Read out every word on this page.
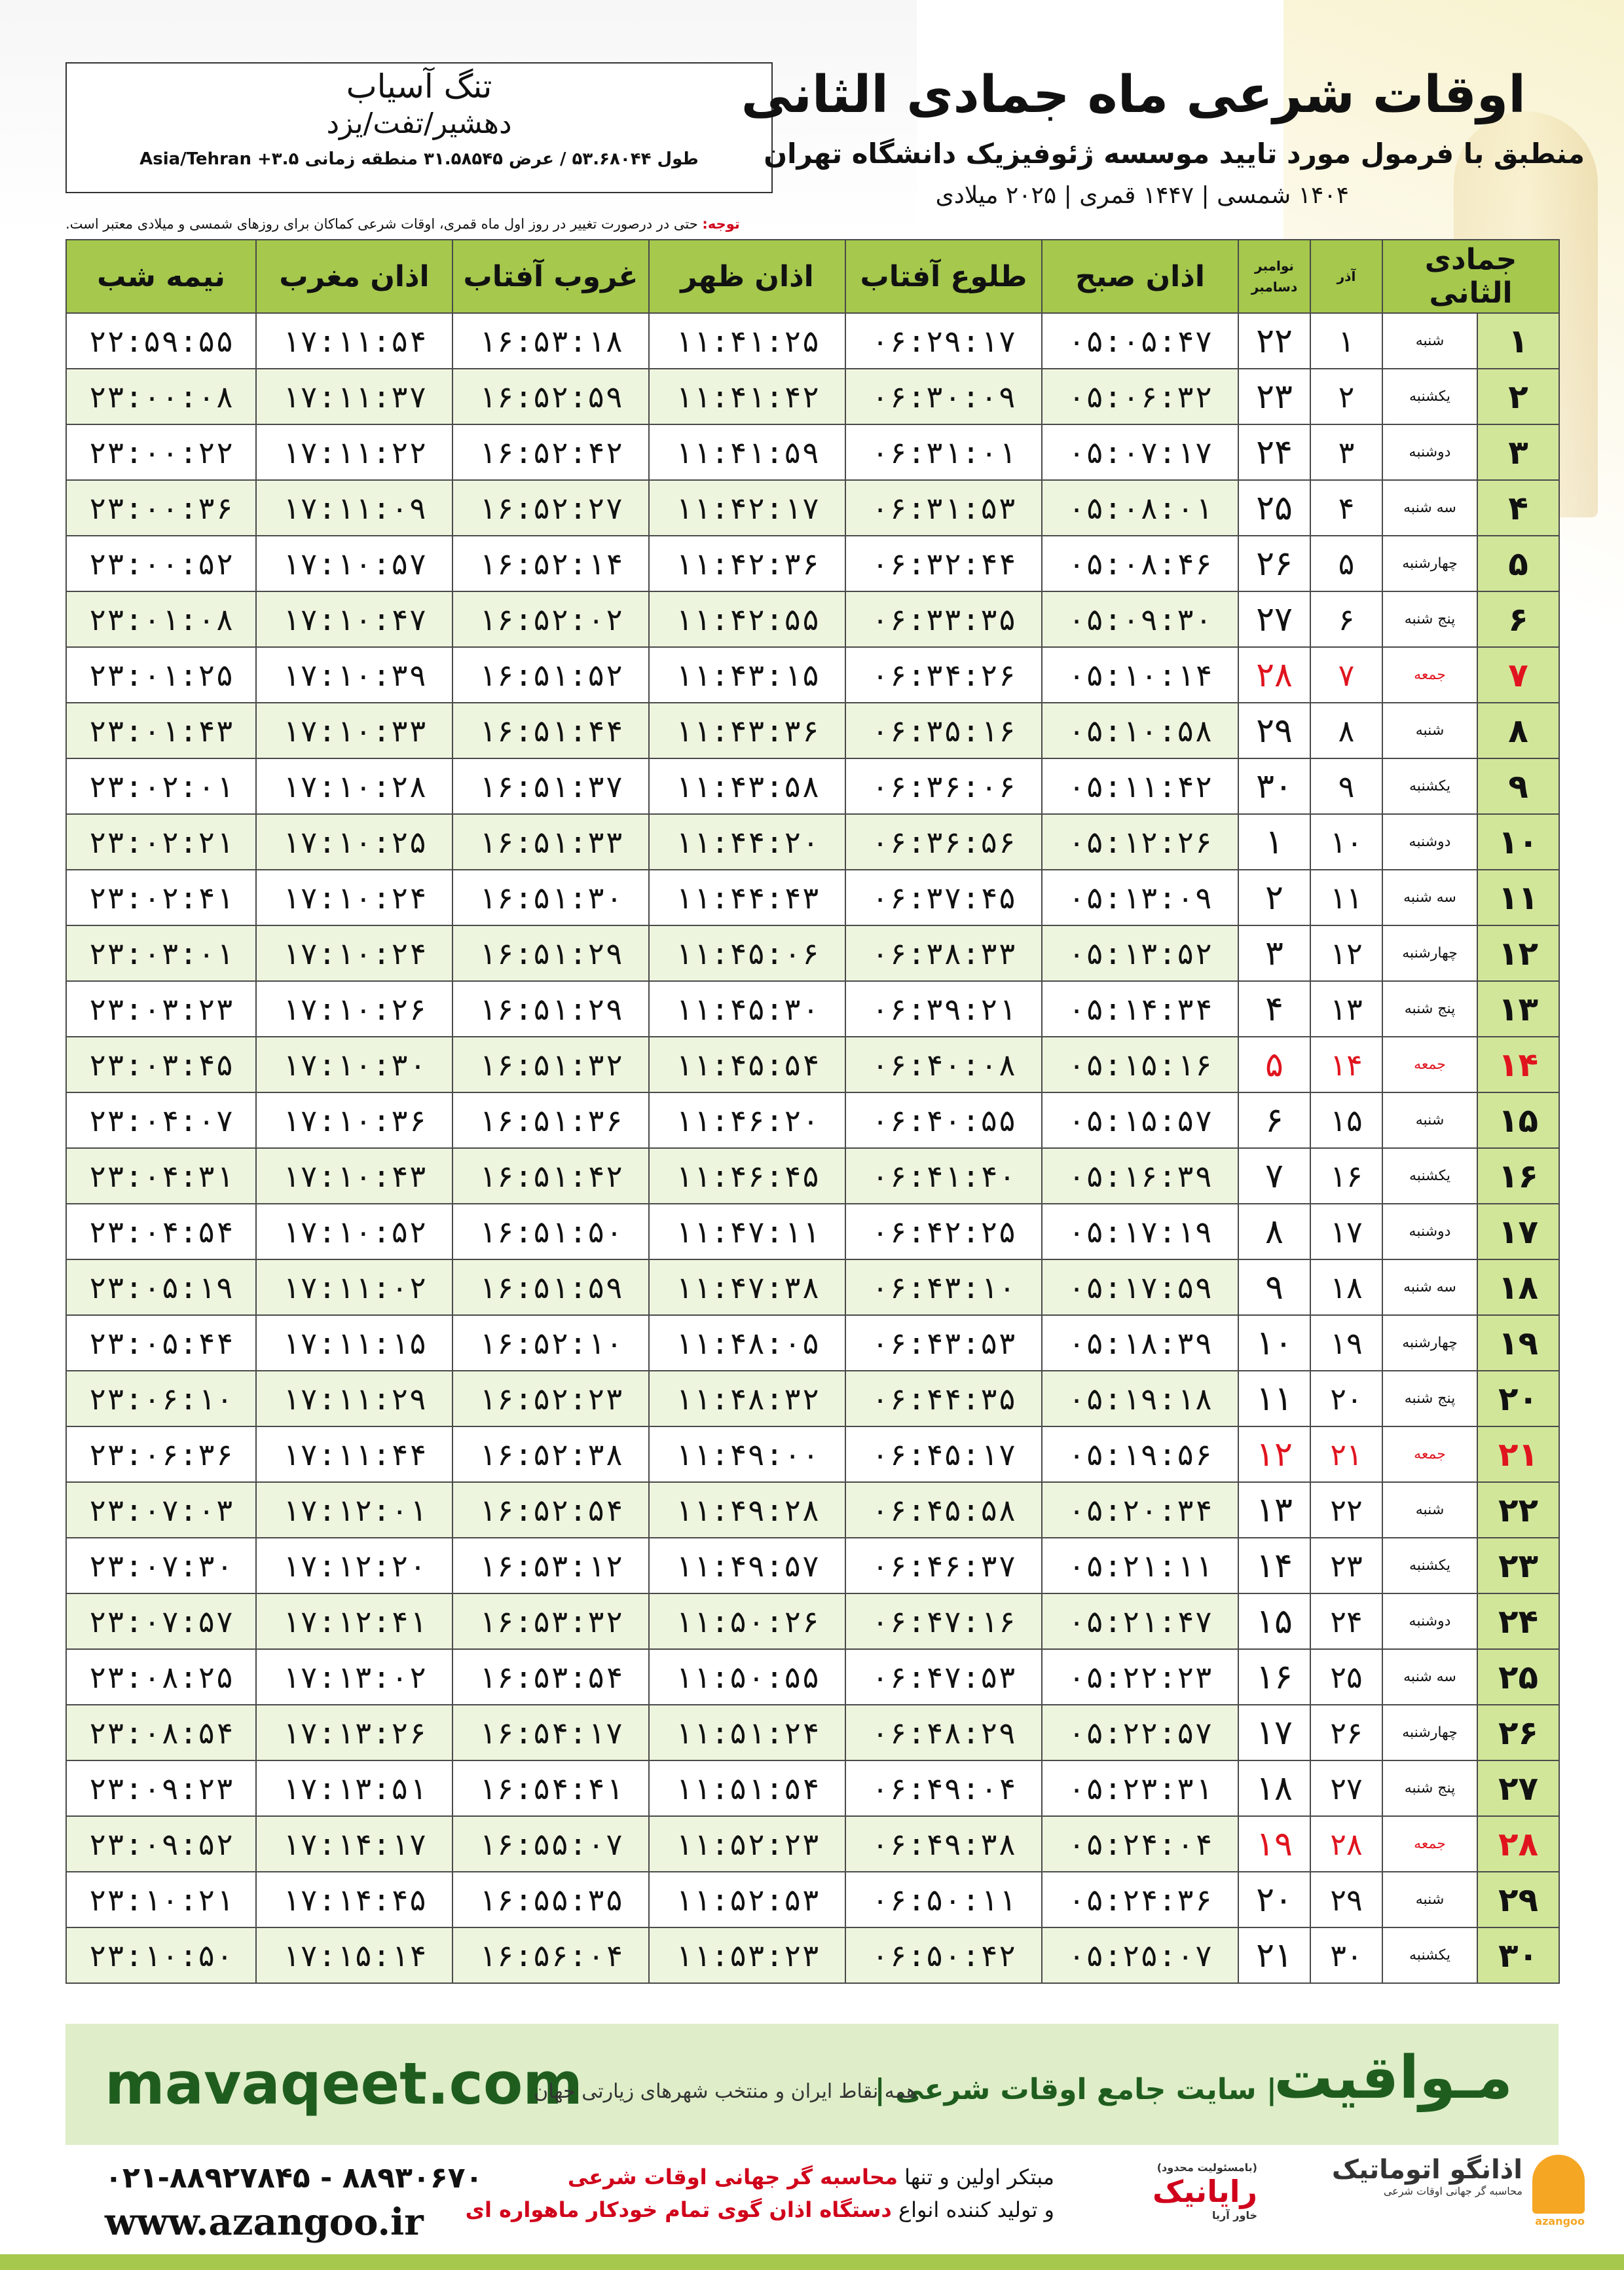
تنگ آسیاب
دهشیر/تفت/یزد
طول ۵۳.۶۸۰۴۴ / عرض ۳۱.۵۸۵۴۵ منطقه زمانی Asia/Tehran +۳.۵
اوقات شرعی ماه جمادی الثانی
منطبق با فرمول مورد تایید موسسه ژئوفیزیک دانشگاه تهران
۱۴۰۴ شمسی | ۱۴۴۷ قمری | ۲۰۲۵ میلادی
توجه: حتی در درصورت تغییر در روز اول ماه قمری، اوقات شرعی کماکان برای روزهای شمسی و میلادی معتبر است.
جمادی الثانی		آذر	نوامبر
دسامبر	اذان صبح	طلوع آفتاب	اذان ظهر	غروب آفتاب	اذان مغرب	نیمه شب
۱	شنبه	۱	۲۲	۰۵:۰۵:۴۷	۰۶:۲۹:۱۷	۱۱:۴۱:۲۵	۱۶:۵۳:۱۸	۱۷:۱۱:۵۴	۲۲:۵۹:۵۵
۲	یکشنبه	۲	۲۳	۰۵:۰۶:۳۲	۰۶:۳۰:۰۹	۱۱:۴۱:۴۲	۱۶:۵۲:۵۹	۱۷:۱۱:۳۷	۲۳:۰۰:۰۸
۳	دوشنبه	۳	۲۴	۰۵:۰۷:۱۷	۰۶:۳۱:۰۱	۱۱:۴۱:۵۹	۱۶:۵۲:۴۲	۱۷:۱۱:۲۲	۲۳:۰۰:۲۲
۴	سه شنبه	۴	۲۵	۰۵:۰۸:۰۱	۰۶:۳۱:۵۳	۱۱:۴۲:۱۷	۱۶:۵۲:۲۷	۱۷:۱۱:۰۹	۲۳:۰۰:۳۶
۵	چهارشنبه	۵	۲۶	۰۵:۰۸:۴۶	۰۶:۳۲:۴۴	۱۱:۴۲:۳۶	۱۶:۵۲:۱۴	۱۷:۱۰:۵۷	۲۳:۰۰:۵۲
۶	پنج شنبه	۶	۲۷	۰۵:۰۹:۳۰	۰۶:۳۳:۳۵	۱۱:۴۲:۵۵	۱۶:۵۲:۰۲	۱۷:۱۰:۴۷	۲۳:۰۱:۰۸
۷	جمعه	۷	۲۸	۰۵:۱۰:۱۴	۰۶:۳۴:۲۶	۱۱:۴۳:۱۵	۱۶:۵۱:۵۲	۱۷:۱۰:۳۹	۲۳:۰۱:۲۵
۸	شنبه	۸	۲۹	۰۵:۱۰:۵۸	۰۶:۳۵:۱۶	۱۱:۴۳:۳۶	۱۶:۵۱:۴۴	۱۷:۱۰:۳۳	۲۳:۰۱:۴۳
۹	یکشنبه	۹	۳۰	۰۵:۱۱:۴۲	۰۶:۳۶:۰۶	۱۱:۴۳:۵۸	۱۶:۵۱:۳۷	۱۷:۱۰:۲۸	۲۳:۰۲:۰۱
۱۰	دوشنبه	۱۰	۱	۰۵:۱۲:۲۶	۰۶:۳۶:۵۶	۱۱:۴۴:۲۰	۱۶:۵۱:۳۳	۱۷:۱۰:۲۵	۲۳:۰۲:۲۱
۱۱	سه شنبه	۱۱	۲	۰۵:۱۳:۰۹	۰۶:۳۷:۴۵	۱۱:۴۴:۴۳	۱۶:۵۱:۳۰	۱۷:۱۰:۲۴	۲۳:۰۲:۴۱
۱۲	چهارشنبه	۱۲	۳	۰۵:۱۳:۵۲	۰۶:۳۸:۳۳	۱۱:۴۵:۰۶	۱۶:۵۱:۲۹	۱۷:۱۰:۲۴	۲۳:۰۳:۰۱
۱۳	پنج شنبه	۱۳	۴	۰۵:۱۴:۳۴	۰۶:۳۹:۲۱	۱۱:۴۵:۳۰	۱۶:۵۱:۲۹	۱۷:۱۰:۲۶	۲۳:۰۳:۲۳
۱۴	جمعه	۱۴	۵	۰۵:۱۵:۱۶	۰۶:۴۰:۰۸	۱۱:۴۵:۵۴	۱۶:۵۱:۳۲	۱۷:۱۰:۳۰	۲۳:۰۳:۴۵
۱۵	شنبه	۱۵	۶	۰۵:۱۵:۵۷	۰۶:۴۰:۵۵	۱۱:۴۶:۲۰	۱۶:۵۱:۳۶	۱۷:۱۰:۳۶	۲۳:۰۴:۰۷
۱۶	یکشنبه	۱۶	۷	۰۵:۱۶:۳۹	۰۶:۴۱:۴۰	۱۱:۴۶:۴۵	۱۶:۵۱:۴۲	۱۷:۱۰:۴۳	۲۳:۰۴:۳۱
۱۷	دوشنبه	۱۷	۸	۰۵:۱۷:۱۹	۰۶:۴۲:۲۵	۱۱:۴۷:۱۱	۱۶:۵۱:۵۰	۱۷:۱۰:۵۲	۲۳:۰۴:۵۴
۱۸	سه شنبه	۱۸	۹	۰۵:۱۷:۵۹	۰۶:۴۳:۱۰	۱۱:۴۷:۳۸	۱۶:۵۱:۵۹	۱۷:۱۱:۰۲	۲۳:۰۵:۱۹
۱۹	چهارشنبه	۱۹	۱۰	۰۵:۱۸:۳۹	۰۶:۴۳:۵۳	۱۱:۴۸:۰۵	۱۶:۵۲:۱۰	۱۷:۱۱:۱۵	۲۳:۰۵:۴۴
۲۰	پنج شنبه	۲۰	۱۱	۰۵:۱۹:۱۸	۰۶:۴۴:۳۵	۱۱:۴۸:۳۲	۱۶:۵۲:۲۳	۱۷:۱۱:۲۹	۲۳:۰۶:۱۰
۲۱	جمعه	۲۱	۱۲	۰۵:۱۹:۵۶	۰۶:۴۵:۱۷	۱۱:۴۹:۰۰	۱۶:۵۲:۳۸	۱۷:۱۱:۴۴	۲۳:۰۶:۳۶
۲۲	شنبه	۲۲	۱۳	۰۵:۲۰:۳۴	۰۶:۴۵:۵۸	۱۱:۴۹:۲۸	۱۶:۵۲:۵۴	۱۷:۱۲:۰۱	۲۳:۰۷:۰۳
۲۳	یکشنبه	۲۳	۱۴	۰۵:۲۱:۱۱	۰۶:۴۶:۳۷	۱۱:۴۹:۵۷	۱۶:۵۳:۱۲	۱۷:۱۲:۲۰	۲۳:۰۷:۳۰
۲۴	دوشنبه	۲۴	۱۵	۰۵:۲۱:۴۷	۰۶:۴۷:۱۶	۱۱:۵۰:۲۶	۱۶:۵۳:۳۲	۱۷:۱۲:۴۱	۲۳:۰۷:۵۷
۲۵	سه شنبه	۲۵	۱۶	۰۵:۲۲:۲۳	۰۶:۴۷:۵۳	۱۱:۵۰:۵۵	۱۶:۵۳:۵۴	۱۷:۱۳:۰۲	۲۳:۰۸:۲۵
۲۶	چهارشنبه	۲۶	۱۷	۰۵:۲۲:۵۷	۰۶:۴۸:۲۹	۱۱:۵۱:۲۴	۱۶:۵۴:۱۷	۱۷:۱۳:۲۶	۲۳:۰۸:۵۴
۲۷	پنج شنبه	۲۷	۱۸	۰۵:۲۳:۳۱	۰۶:۴۹:۰۴	۱۱:۵۱:۵۴	۱۶:۵۴:۴۱	۱۷:۱۳:۵۱	۲۳:۰۹:۲۳
۲۸	جمعه	۲۸	۱۹	۰۵:۲۴:۰۴	۰۶:۴۹:۳۸	۱۱:۵۲:۲۳	۱۶:۵۵:۰۷	۱۷:۱۴:۱۷	۲۳:۰۹:۵۲
۲۹	شنبه	۲۹	۲۰	۰۵:۲۴:۳۶	۰۶:۵۰:۱۱	۱۱:۵۲:۵۳	۱۶:۵۵:۳۵	۱۷:۱۴:۴۵	۲۳:۱۰:۲۱
۳۰	یکشنبه	۳۰	۲۱	۰۵:۲۵:۰۷	۰۶:۵۰:۴۲	۱۱:۵۳:۲۳	۱۶:۵۶:۰۴	۱۷:۱۵:۱۴	۲۳:۱۰:۵۰
mavaqeet.com	مـواقیت
| سایت جامع اوقات شرعی |
همه نقاط ایران و منتخب شهرهای زیارتی جهان
۰۲۱-۸۸۹۲۷۸۴۵ - ۸۸۹۳۰۶۷۰
www.azangoo.ir
مبتکر اولین و تنها محاسبه گر جهانی اوقات شرعی
و تولید کننده انواع دستگاه اذان گوی تمام خودکار ماهواره ای
(بامسئولیت محدود)
رایانیک
خاور آریا	azangoo
اذانگو اتوماتیک
محاسبه گر جهانی اوقات شرعی
